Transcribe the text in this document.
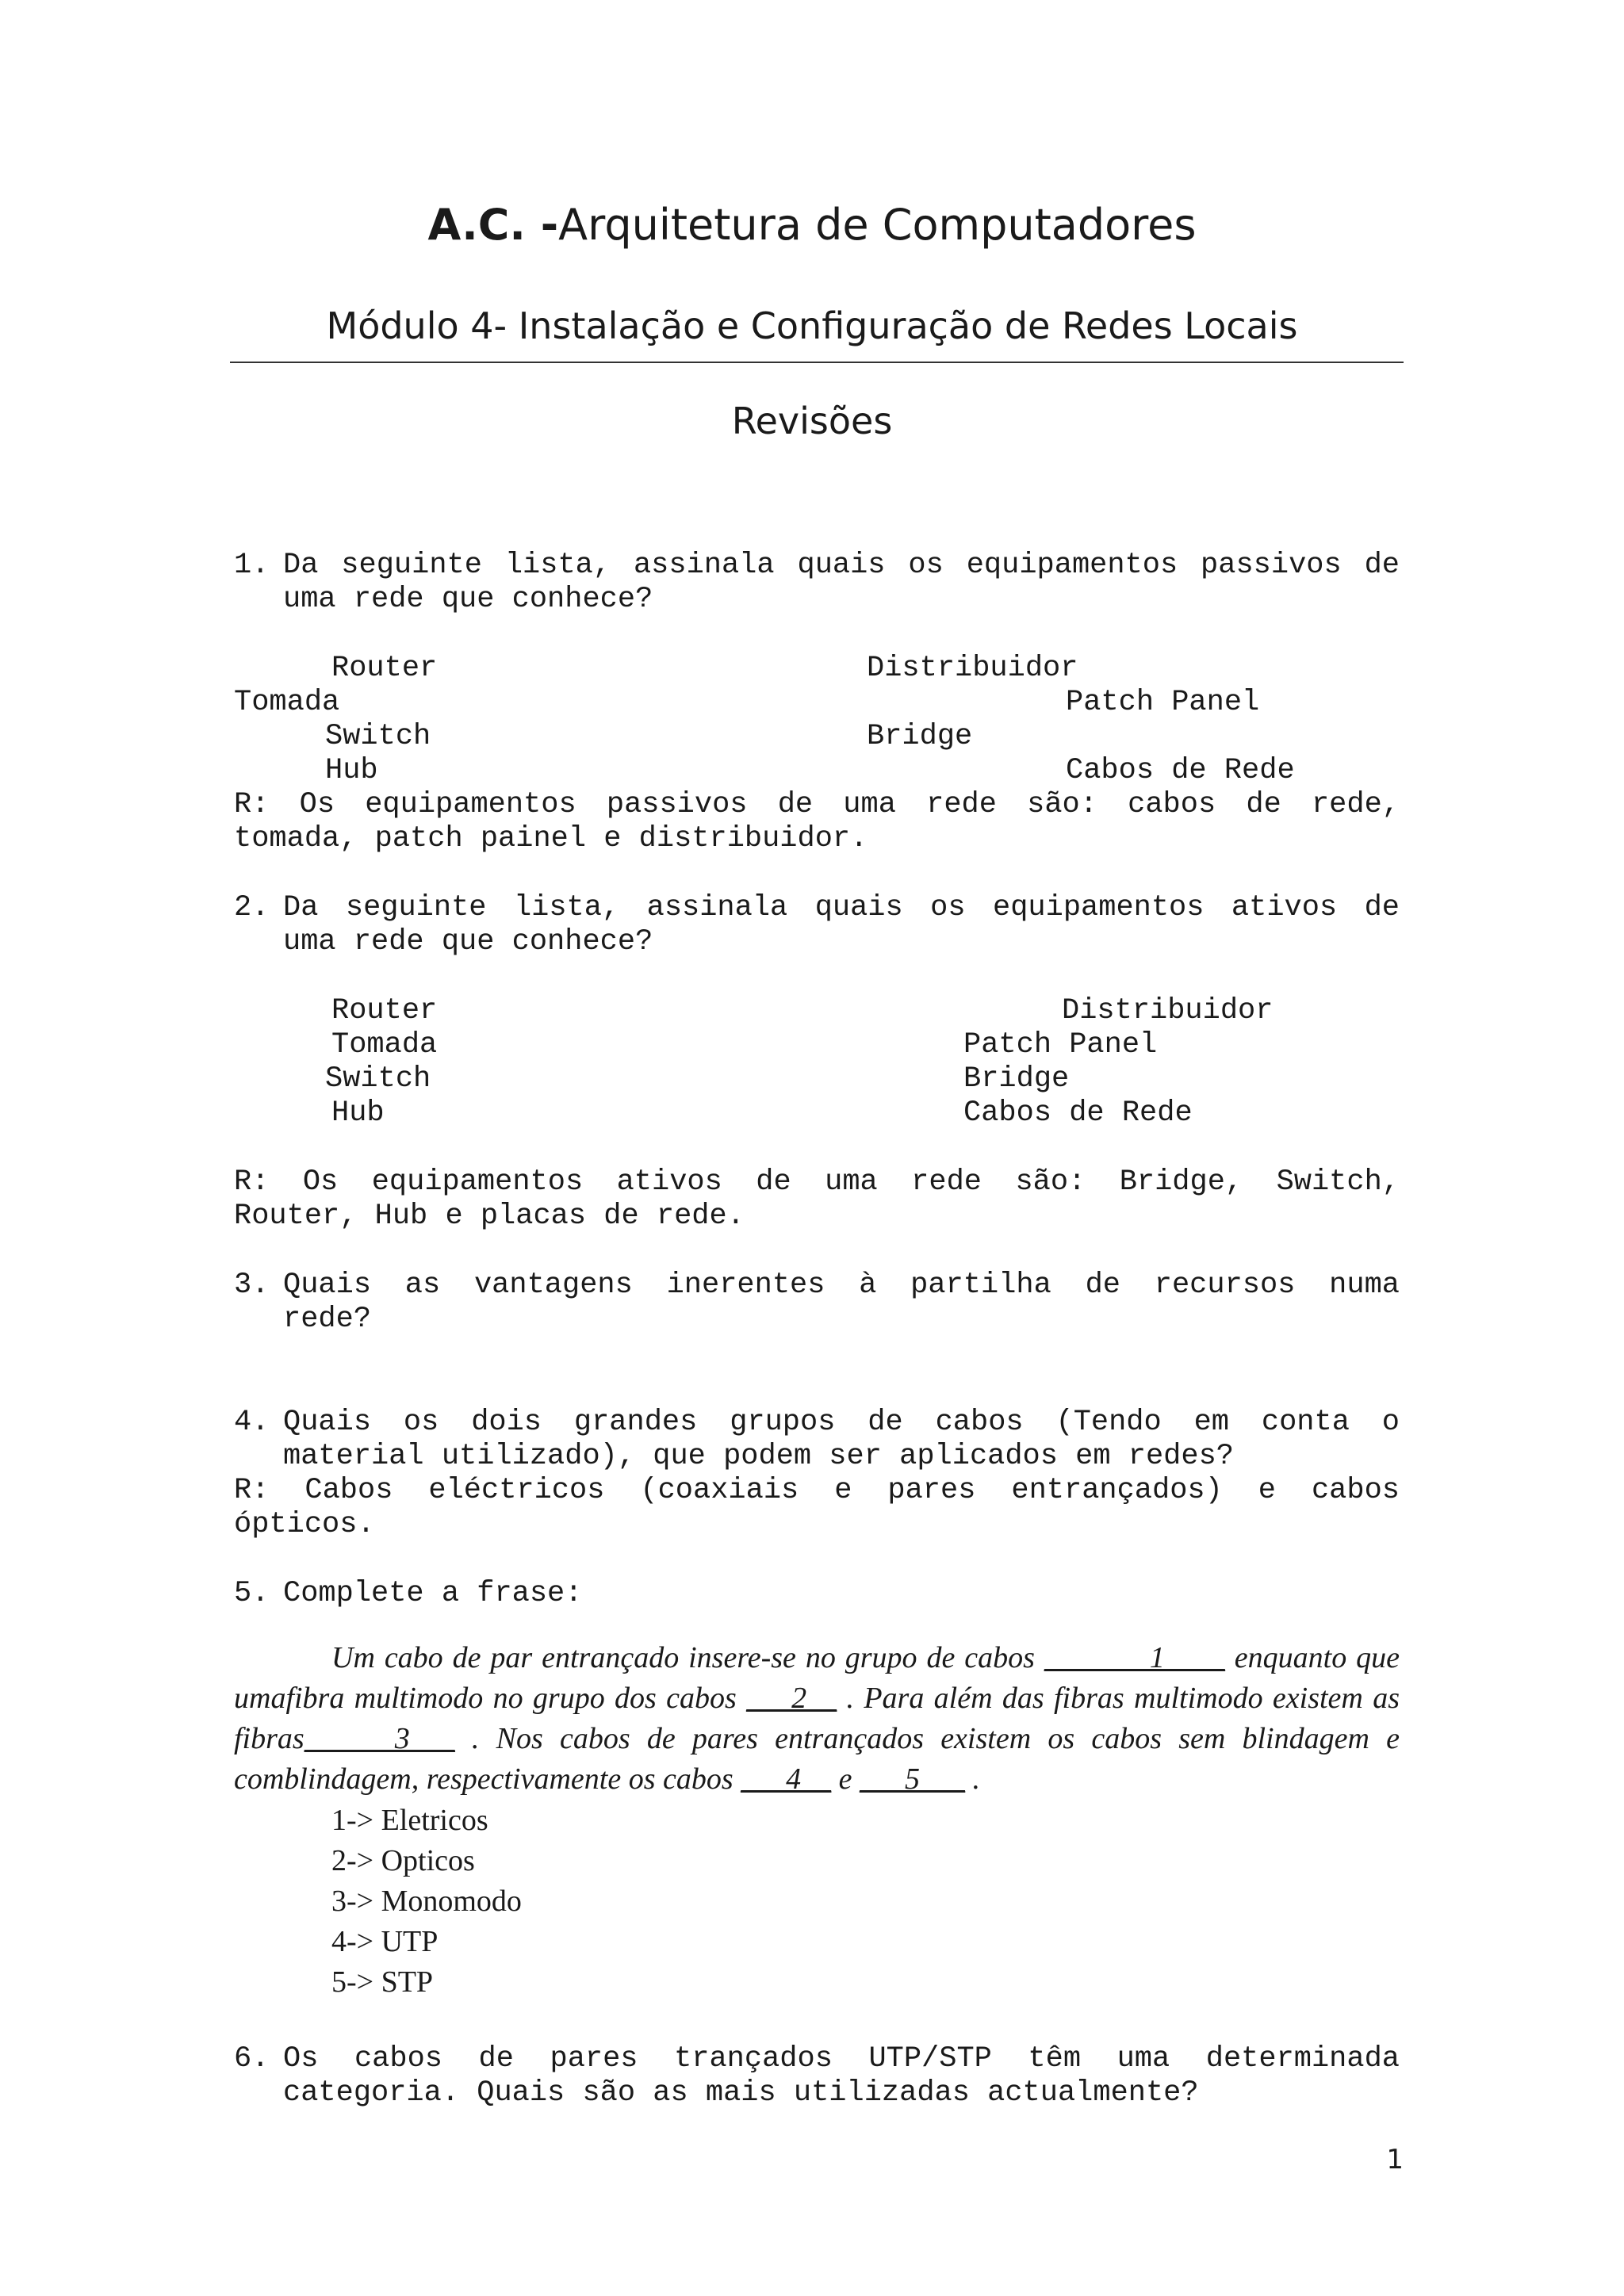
A.C. -Arquitetura de Computadores
Módulo 4- Instalação e Configuração de Redes Locais
Revisões
1. Da seguinte lista, assinala quais os equipamentos passivos de
uma rede que conhece?
Router	Distribuidor
Tomada	Patch Panel
Switch	Bridge
Hub	Cabos de Rede
R: Os equipamentos passivos de uma rede são: cabos de rede,
tomada, patch painel e distribuidor.
2. Da seguinte lista, assinala quais os equipamentos ativos de
uma rede que conhece?
Router	Distribuidor
Tomada	Patch Panel
Switch	Bridge
Hub	Cabos de Rede
R: Os equipamentos ativos de uma rede são: Bridge, Switch,
Router, Hub e placas de rede.
3. Quais as vantagens inerentes à partilha de recursos numa
rede?
4. Quais os dois grandes grupos de cabos (Tendo em conta o
material utilizado), que podem ser aplicados em redes?
R: Cabos eléctricos (coaxiais e pares entrançados) e cabos
ópticos.
5. Complete a frase:
Um cabo de par entrançado insere-se no grupo de cabos _______1____ enquanto que umafibra multimodo no grupo dos cabos ___2__ . Para além das fibras multimodo existem as fibras______3___ . Nos cabos de pares entrançados existem os cabos sem blindagem e comblindagem, respectivamente os cabos ___4__ e ___5___ .
1-> Eletricos
2-> Opticos
3-> Monomodo
4-> UTP
5-> STP
6. Os cabos de pares trançados UTP/STP têm uma determinada
categoria. Quais são as mais utilizadas actualmente?
1
